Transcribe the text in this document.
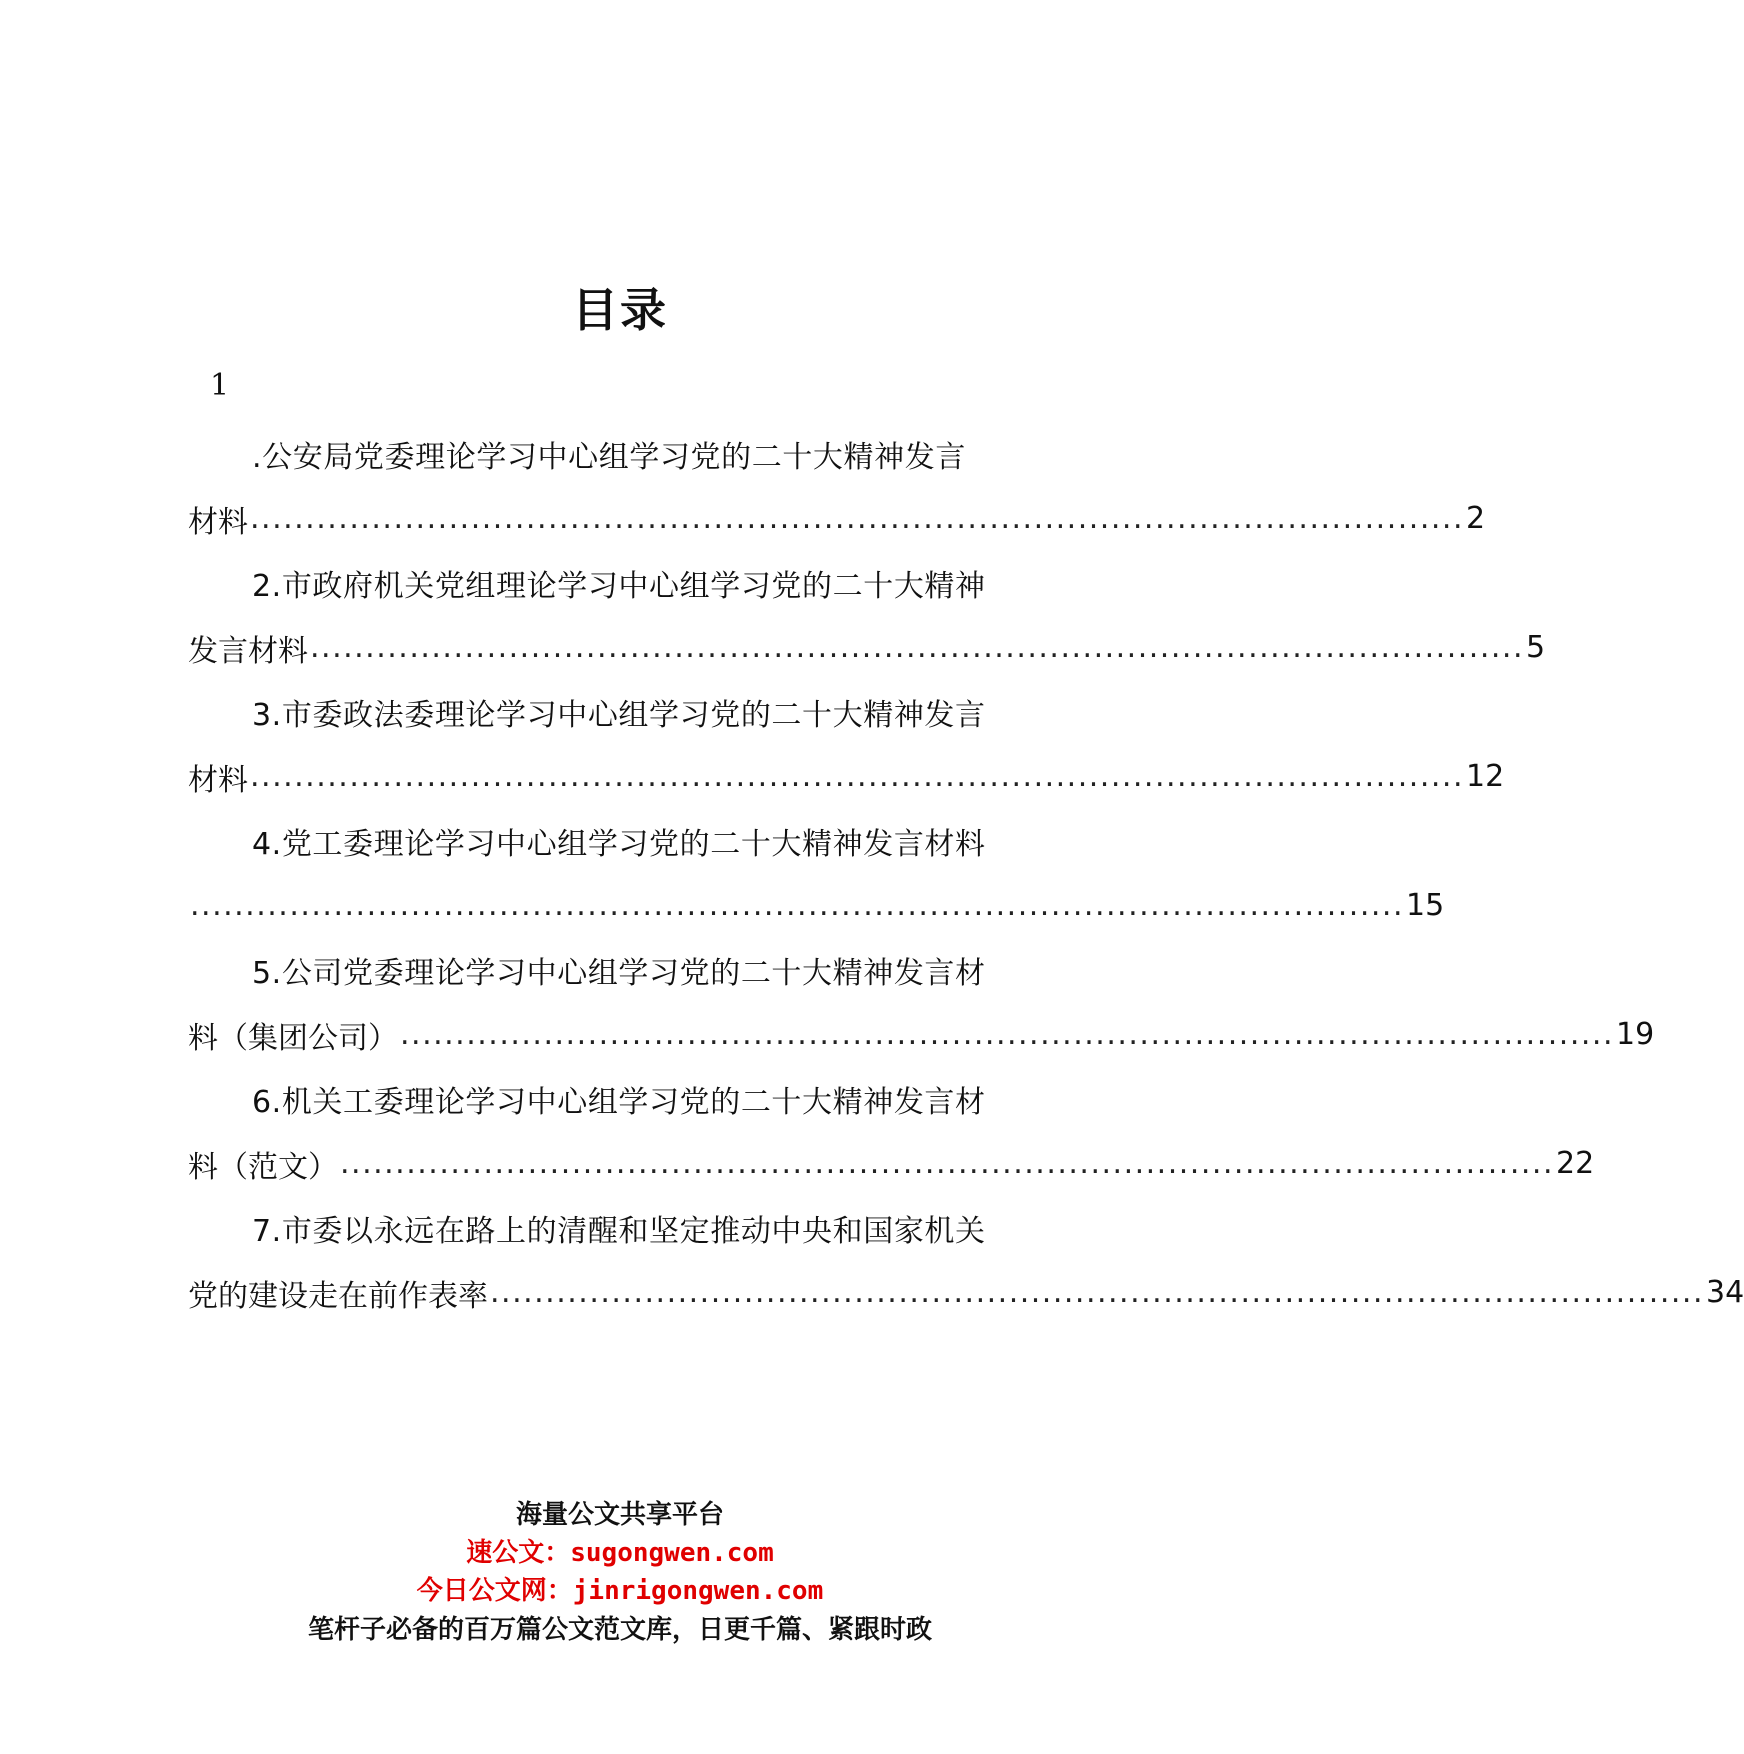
目录
1
.公安局党委理论学习中心组学习党的二十大精神发言
材料 .............................................................................................................. 2
2.市政府机关党组理论学习中心组学习党的二十大精神
发言材料 .............................................................................................................. 5
3.市委政法委理论学习中心组学习党的二十大精神发言
材料 .............................................................................................................. 12
4.党工委理论学习中心组学习党的二十大精神发言材料
.............................................................................................................. 15
5.公司党委理论学习中心组学习党的二十大精神发言材
料（集团公司） .............................................................................................................. 19
6.机关工委理论学习中心组学习党的二十大精神发言材
料（范文） .............................................................................................................. 22
7.市委以永远在路上的清醒和坚定推动中央和国家机关
党的建设走在前作表率 .............................................................................................................. 34
海量公文共享平台
速公文：sugongwen.com
今日公文网：jinrigongwen.com
笔杆子必备的百万篇公文范文库，日更千篇、紧跟时政
